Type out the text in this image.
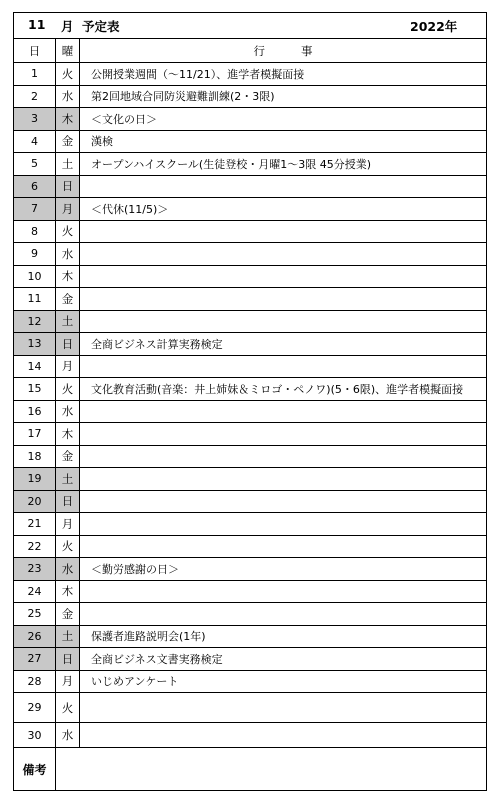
11 月 予定表	2022年
日	曜	行事
1	火	公開授業週間（～11/21）、進学者模擬面接
2	水	第2回地域合同防災避難訓練(2・3限)
3	木	＜文化の日＞
4	金	漢検
5	土	オープンハイスクール(生徒登校・月曜1～3限 45分授業)
6	日	
7	月	＜代休(11/5)＞
8	火	
9	水	
10	木	
11	金	
12	土	
13	日	全商ビジネス計算実務検定
14	月	
15	火	文化教育活動(音楽：井上姉妹＆ミロゴ・ペノワ)(5・6限)、進学者模擬面接
16	水	
17	木	
18	金	
19	土	
20	日	
21	月	
22	火	
23	水	＜勤労感謝の日＞
24	木	
25	金	
26	土	保護者進路説明会(1年)
27	日	全商ビジネス文書実務検定
28	月	いじめアンケート
29	火	
30	水	
備考		
